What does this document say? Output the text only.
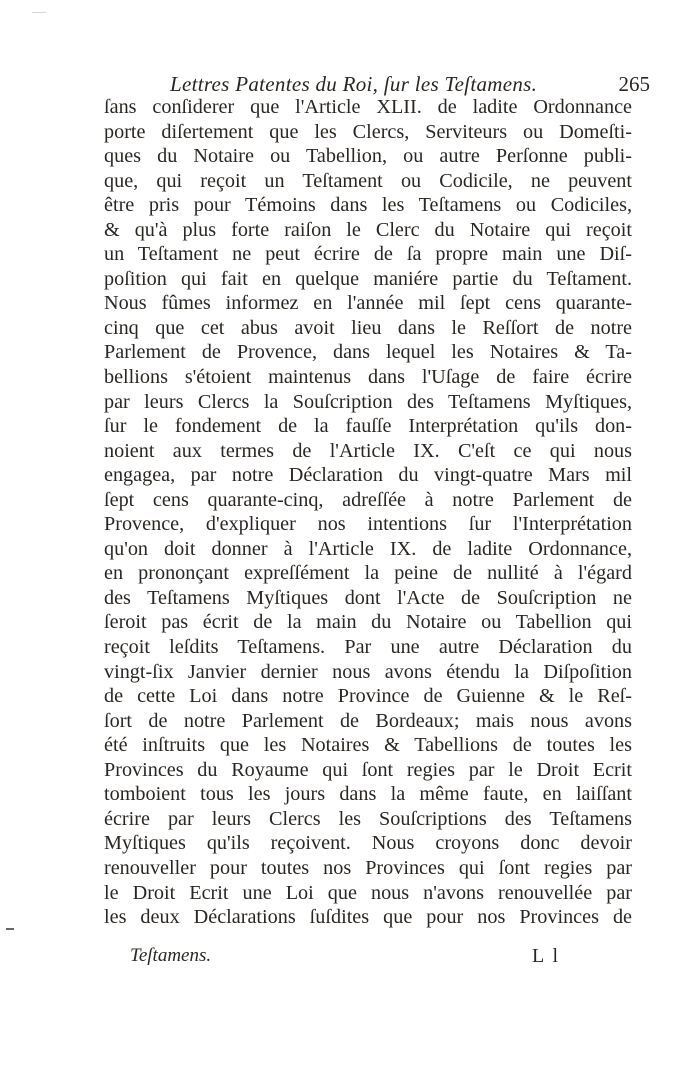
Lettres Patentes du Roi, ſur les Teſtamens.	265
ſans conſiderer que l'Article XLII. de ladite Ordonnance
porte diſertement que les Clercs, Serviteurs ou Domeſti-
ques du Notaire ou Tabellion, ou autre Perſonne publi-
que, qui reçoit un Teſtament ou Codicile, ne peuvent
être pris pour Témoins dans les Teſtamens ou Codiciles,
& qu'à plus forte raiſon le Clerc du Notaire qui reçoit
un Teſtament ne peut écrire de ſa propre main une Diſ-
poſition qui fait en quelque maniére partie du Teſtament.
Nous fûmes informez en l'année mil ſept cens quarante-
cinq que cet abus avoit lieu dans le Reſſort de notre
Parlement de Provence, dans lequel les Notaires & Ta-
bellions s'étoient maintenus dans l'Uſage de faire écrire
par leurs Clercs la Souſcription des Teſtamens Myſtiques,
ſur le fondement de la fauſſe Interprétation qu'ils don-
noient aux termes de l'Article IX. C'eſt ce qui nous
engagea, par notre Déclaration du vingt-quatre Mars mil
ſept cens quarante-cinq, adreſſée à notre Parlement de
Provence, d'expliquer nos intentions ſur l'Interprétation
qu'on doit donner à l'Article IX. de ladite Ordonnance,
en prononçant expreſſément la peine de nullité à l'égard
des Teſtamens Myſtiques dont l'Acte de Souſcription ne
ſeroit pas écrit de la main du Notaire ou Tabellion qui
reçoit leſdits Teſtamens. Par une autre Déclaration du
vingt-ſix Janvier dernier nous avons étendu la Diſpoſition
de cette Loi dans notre Province de Guienne & le Reſ-
ſort de notre Parlement de Bordeaux; mais nous avons
été inſtruits que les Notaires & Tabellions de toutes les
Provinces du Royaume qui ſont regies par le Droit Ecrit
tomboient tous les jours dans la même faute, en laiſſant
écrire par leurs Clercs les Souſcriptions des Teſtamens
Myſtiques qu'ils reçoivent. Nous croyons donc devoir
renouveller pour toutes nos Provinces qui ſont regies par
le Droit Ecrit une Loi que nous n'avons renouvellée par
les deux Déclarations ſuſdites que pour nos Provinces de
Teſtamens.	L l
